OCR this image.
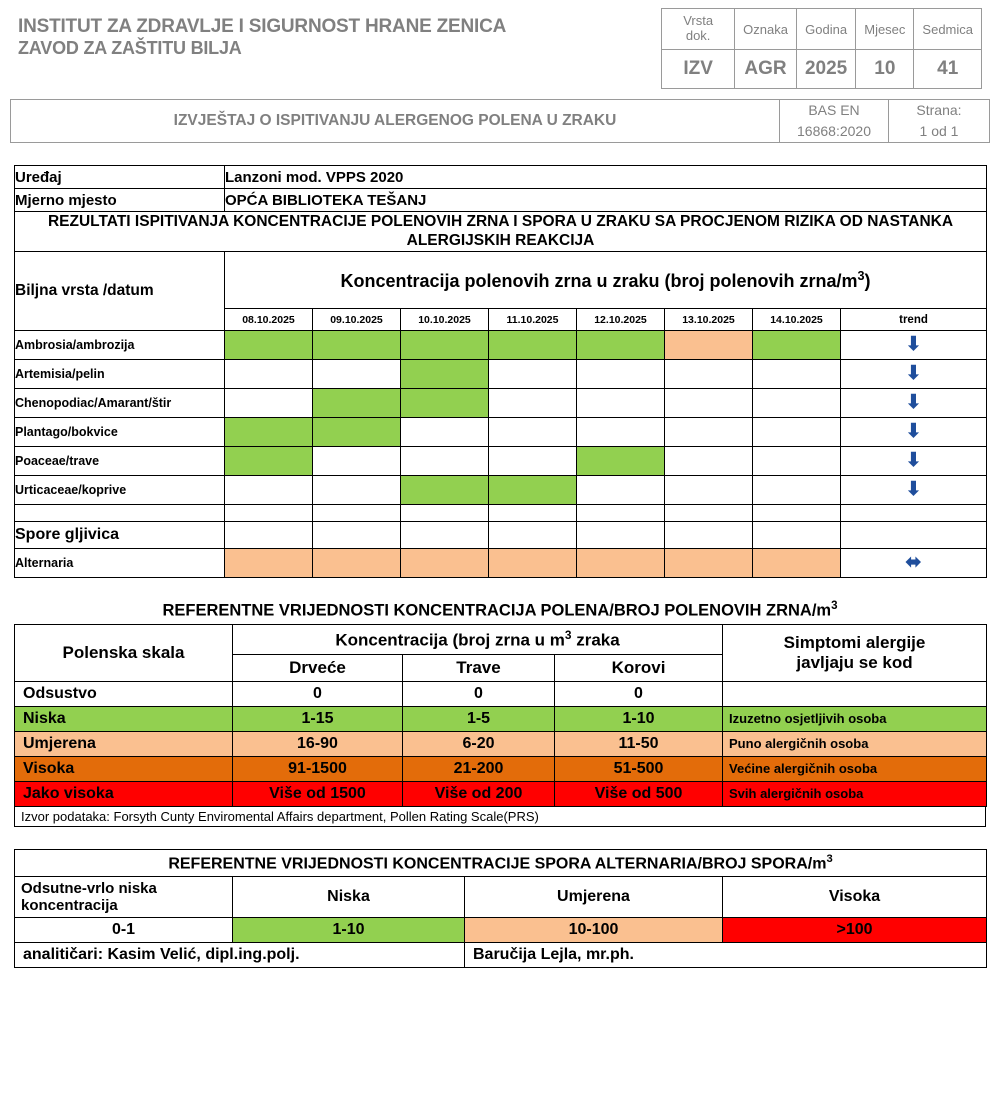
INSTITUT ZA ZDRAVLJE I SIGURNOST HRANE ZENICA
ZAVOD ZA ZAŠTITU BILJA
Vrsta dok.	Oznaka	Godina	Mjesec	Sedmica
IZV	AGR	2025	10	41
IZVJEŠTAJ O ISPITIVANJU ALERGENOG POLENA U ZRAKU
BAS EN
16868:2020
Strana:
1 od 1
Uređaj	Lanzoni mod. VPPS 2020							
Mjerno mjesto	OPĆA BIBLIOTEKA TEŠANJ							
REZULTATI ISPITIVANJA KONCENTRACIJE POLENOVIH ZRNA I SPORA U ZRAKU SA PROCJENOM RIZIKA OD NASTANKA ALERGIJSKIH REAKCIJA								
Biljna vrsta /datum	Koncentracija polenovih zrna u zraku (broj polenovih zrna/$m^3$)							
	08.10.2025	09.10.2025	10.10.2025	11.10.2025	12.10.2025	13.10.2025	14.10.2025	trend
Ambrosia/ambrozija								⬇
Artemisia/pelin								⬇
Chenopodiac/Amarant/štir								⬇
Plantago/bokvice								⬇
Poaceae/trave								⬇
Urticaceae/koprive								⬇

Spore gljivica								
Alternaria								⬌
REFERENTNE VRIJEDNOSTI KONCENTRACIJA POLENA/BROJ POLENOVIH ZRNA/$m^3$
Polenska skala	Koncentracija (broj zrna u $m^3$ zraka			Simptomi alergije
javljaju se kod

	Drveće	Trave	Korovi	
Odsustvo	0	0	0	
Niska	1-15	1-5	1-10	Izuzetno osjetljivih osoba
Umjerena	16-90	6-20	11-50	Puno alergičnih osoba
Visoka	91-1500	21-200	51-500	Većine alergičnih osoba
Jako visoka	Više od 1500	Više od 200	Više od 500	Svih alergičnih osoba
Izvor podataka: Forsyth Cunty Enviromental Affairs department, Pollen Rating Scale(PRS)
REFERENTNE VRIJEDNOSTI KONCENTRACIJE SPORA ALTERNARIA/BROJ SPORA/$m^3$
Odsutne-vrlo niska koncentracija	Niska	Umjerena	Visoka
0-1	1-10	10-100	>100
analitičari: Kasim Velić, dipl.ing.polj.		Baručija Lejla, mr.ph.	
